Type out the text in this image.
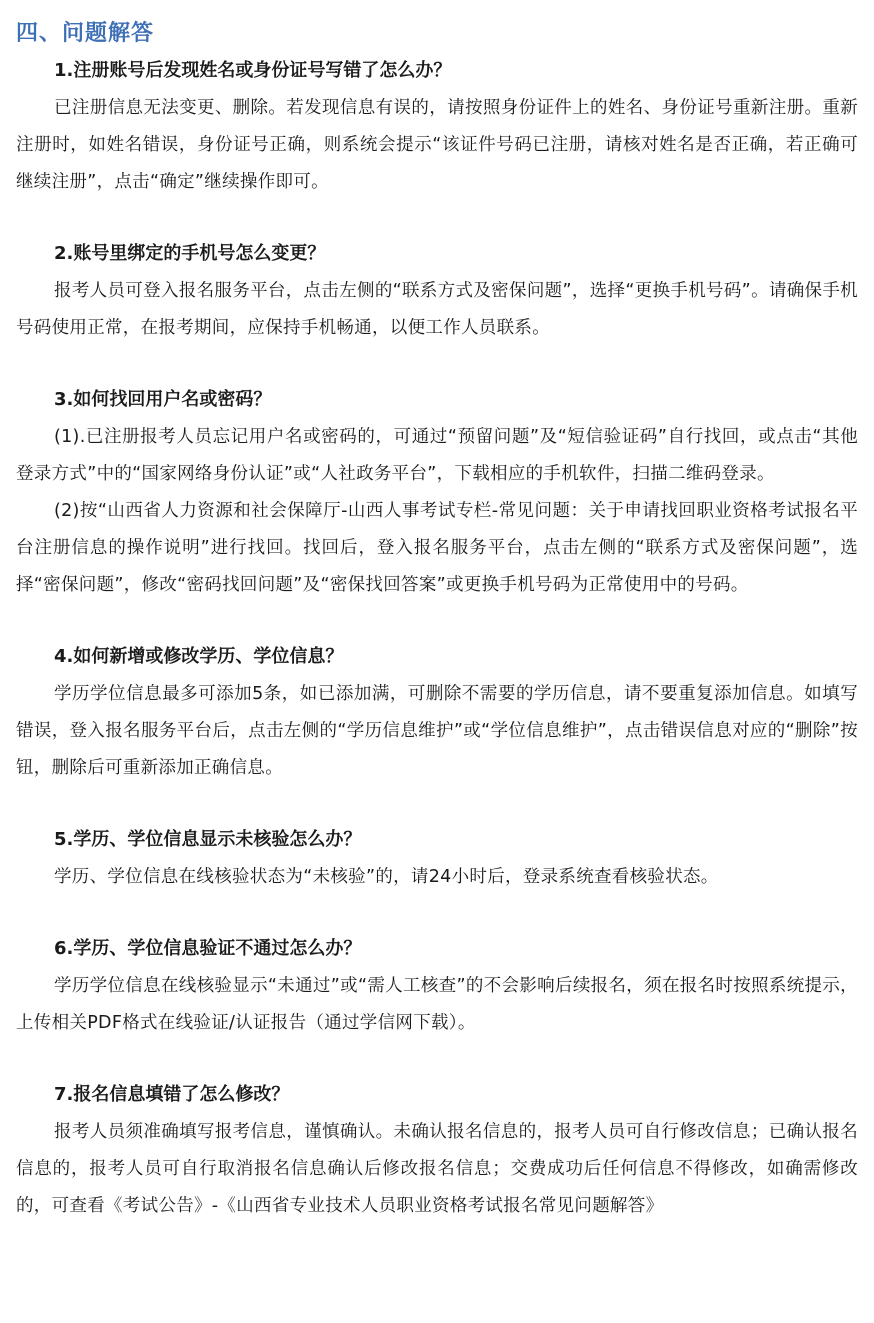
四、问题解答

1.注册账号后发现姓名或身份证号写错了怎么办？

已注册信息无法变更、删除。若发现信息有误的，请按照身份证件上的姓名、身份证号重新注册。重新注册时，如姓名错误，身份证号正确，则系统会提示“该证件号码已注册，请核对姓名是否正确，若正确可继续注册”，点击“确定”继续操作即可。

2.账号里绑定的手机号怎么变更？

报考人员可登入报名服务平台，点击左侧的“联系方式及密保问题”，选择“更换手机号码”。请确保手机号码使用正常，在报考期间，应保持手机畅通，以便工作人员联系。

3.如何找回用户名或密码？

(1).已注册报考人员忘记用户名或密码的，可通过“预留问题”及“短信验证码”自行找回，或点击“其他登录方式”中的“国家网络身份认证”或“人社政务平台”，下载相应的手机软件，扫描二维码登录。

(2)按“山西省人力资源和社会保障厅-山西人事考试专栏-常见问题：关于申请找回职业资格考试报名平台注册信息的操作说明”进行找回。找回后，登入报名服务平台，点击左侧的“联系方式及密保问题”，选择“密保问题”，修改“密码找回问题”及“密保找回答案”或更换手机号码为正常使用中的号码。

4.如何新增或修改学历、学位信息？

学历学位信息最多可添加5条，如已添加满，可删除不需要的学历信息，请不要重复添加信息。如填写错误，登入报名服务平台后，点击左侧的“学历信息维护”或“学位信息维护”，点击错误信息对应的“删除”按钮，删除后可重新添加正确信息。

5.学历、学位信息显示未核验怎么办？

学历、学位信息在线核验状态为“未核验”的，请24小时后，登录系统查看核验状态。

6.学历、学位信息验证不通过怎么办？

学历学位信息在线核验显示“未通过”或“需人工核查”的不会影响后续报名，须在报名时按照系统提示，上传相关PDF格式在线验证/认证报告（通过学信网下载）。

7.报名信息填错了怎么修改？

报考人员须准确填写报考信息，谨慎确认。未确认报名信息的，报考人员可自行修改信息；已确认报名信息的，报考人员可自行取消报名信息确认后修改报名信息；交费成功后任何信息不得修改，如确需修改的，可查看《考试公告》-《山西省专业技术人员职业资格考试报名常见问题解答》
